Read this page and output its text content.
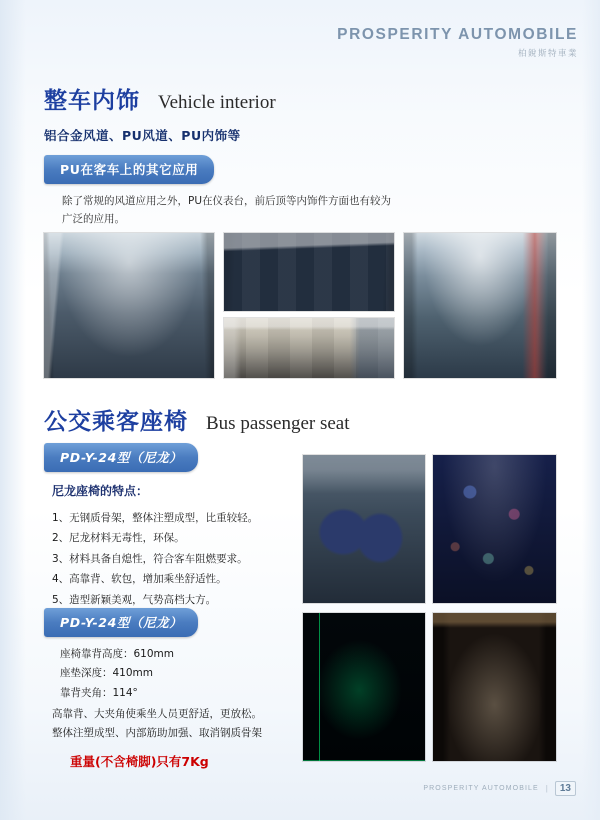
PROSPERITY AUTOMOBILE
柏銳斯特車業
整车内饰 Vehicle interior
铝合金风道、PU风道、PU内饰等
PU在客车上的其它应用
除了常规的风道应用之外，PU在仪表台，前后顶等内饰件方面也有较为广泛的应用。
公交乘客座椅 Bus passenger seat
PD-Y-24型（尼龙）
尼龙座椅的特点：
1、无钢质骨架，整体注塑成型，比重较轻。
2、尼龙材料无毒性，环保。
3、材料具备自熄性，符合客车阻燃要求。
4、高靠背、软包，增加乘坐舒适性。
5、造型新颖美观，气势高档大方。
PD-Y-24型（尼龙）
座椅靠背高度：610mm
座垫深度：410mm
靠背夹角：114°

高靠背、大夹角使乘坐人员更舒适，更放松。

整体注塑成型、内部筋助加强、取消钢质骨架

重量(不含椅脚)只有7Kg
PROSPERITY AUTOMOBILE |	13
